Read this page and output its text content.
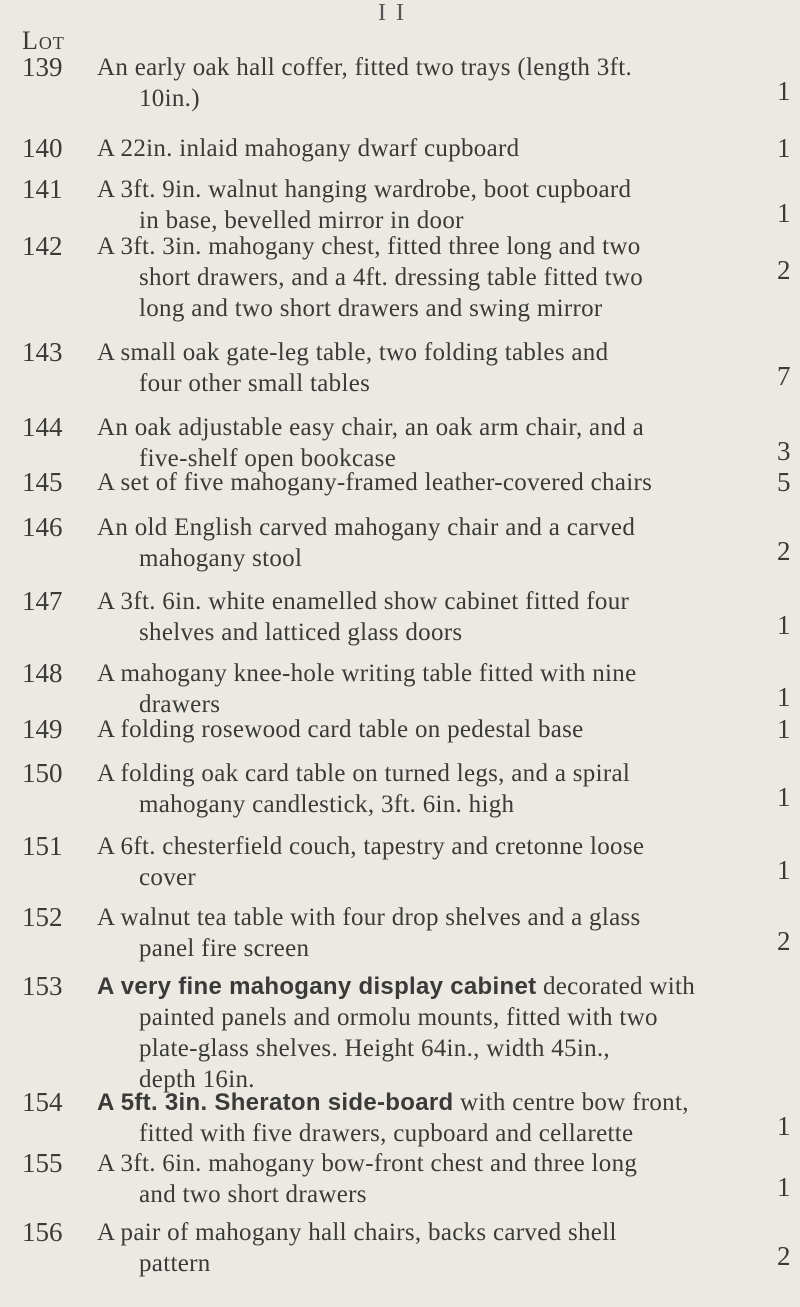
I I
Lot
139 An early oak hall coffer, fitted two trays (length 3ft.
10in.)	1
140 A 22in. inlaid mahogany dwarf cupboard	1
141 A 3ft. 9in. walnut hanging wardrobe, boot cupboard
in base, bevelled mirror in door	1
142 A 3ft. 3in. mahogany chest, fitted three long and two
short drawers, and a 4ft. dressing table fitted two
long and two short drawers and swing mirror
2
143 A small oak gate-leg table, two folding tables and
four other small tables	7
144 An oak adjustable easy chair, an oak arm chair, and a
five-shelf open bookcase	3
145 A set of five mahogany-framed leather-covered chairs	5
146 An old English carved mahogany chair and a carved
mahogany stool	2
147 A 3ft. 6in. white enamelled show cabinet fitted four
shelves and latticed glass doors	1
148 A mahogany knee-hole writing table fitted with nine
drawers	1
149 A folding rosewood card table on pedestal base	1
150 A folding oak card table on turned legs, and a spiral
mahogany candlestick, 3ft. 6in. high	1
151 A 6ft. chesterfield couch, tapestry and cretonne loose
cover	1
152 A walnut tea table with four drop shelves and a glass
panel fire screen	2
153 A very fine mahogany display cabinet decorated with
painted panels and ormolu mounts, fitted with two
plate-glass shelves. Height 64in., width 45in.,
depth 16in.
154 A 5ft. 3in. Sheraton side-board with centre bow front,
fitted with five drawers, cupboard and cellarette	1
155 A 3ft. 6in. mahogany bow-front chest and three long
and two short drawers	1
156 A pair of mahogany hall chairs, backs carved shell
pattern	2
